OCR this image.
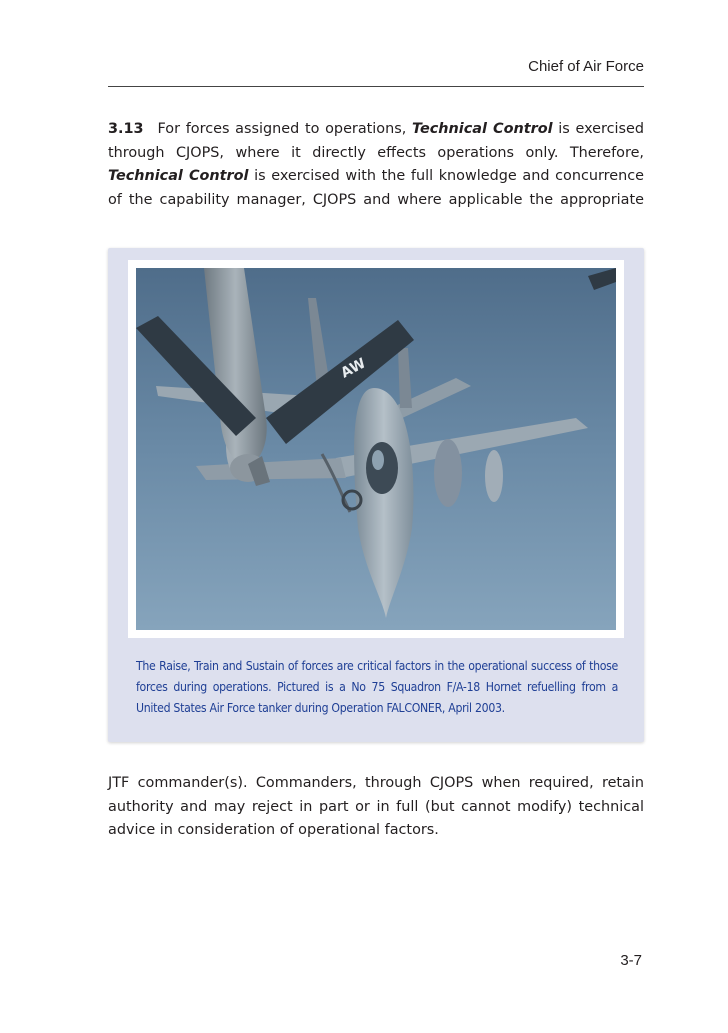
Chief of Air Force

3.13 For forces assigned to operations, Technical Control is exercised through CJOPS, where it directly effects operations only. Therefore, Technical Control is exercised with the full knowledge and concurrence of the capability manager, CJOPS and where applicable the appropriate

AW

The Raise, Train and Sustain of forces are critical factors in the operational success of those forces during operations. Pictured is a No 75 Squadron F/A-18 Hornet refuelling from a United States Air Force tanker during Operation FALCONER, April 2003.

JTF commander(s). Commanders, through CJOPS when required, retain authority and may reject in part or in full (but cannot modify) technical advice in consideration of operational factors.

3-7
